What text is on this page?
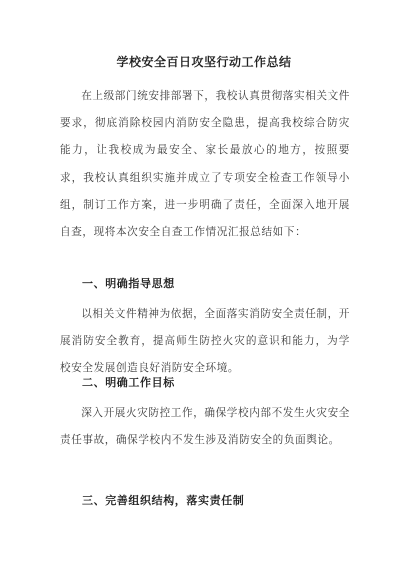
学校安全百日攻坚行动工作总结

在上级部门统安排部署下，我校认真贯彻落实相关文件要求，彻底消除校园内消防安全隐患，提高我校综合防灾能力，让我校成为最安全、家长最放心的地方，按照要求，我校认真组织实施并成立了专项安全检查工作领导小组，制订工作方案，进一步明确了责任，全面深入地开展自查，现将本次安全自查工作情况汇报总结如下：

一、明确指导思想

以相关文件精神为依据，全面落实消防安全责任制，开展消防安全教育，提高师生防控火灾的意识和能力，为学校安全发展创造良好消防安全环境。

二、明确工作目标

深入开展火灾防控工作，确保学校内部不发生火灾安全责任事故，确保学校内不发生涉及消防安全的负面舆论。

三、完善组织结构，落实责任制
